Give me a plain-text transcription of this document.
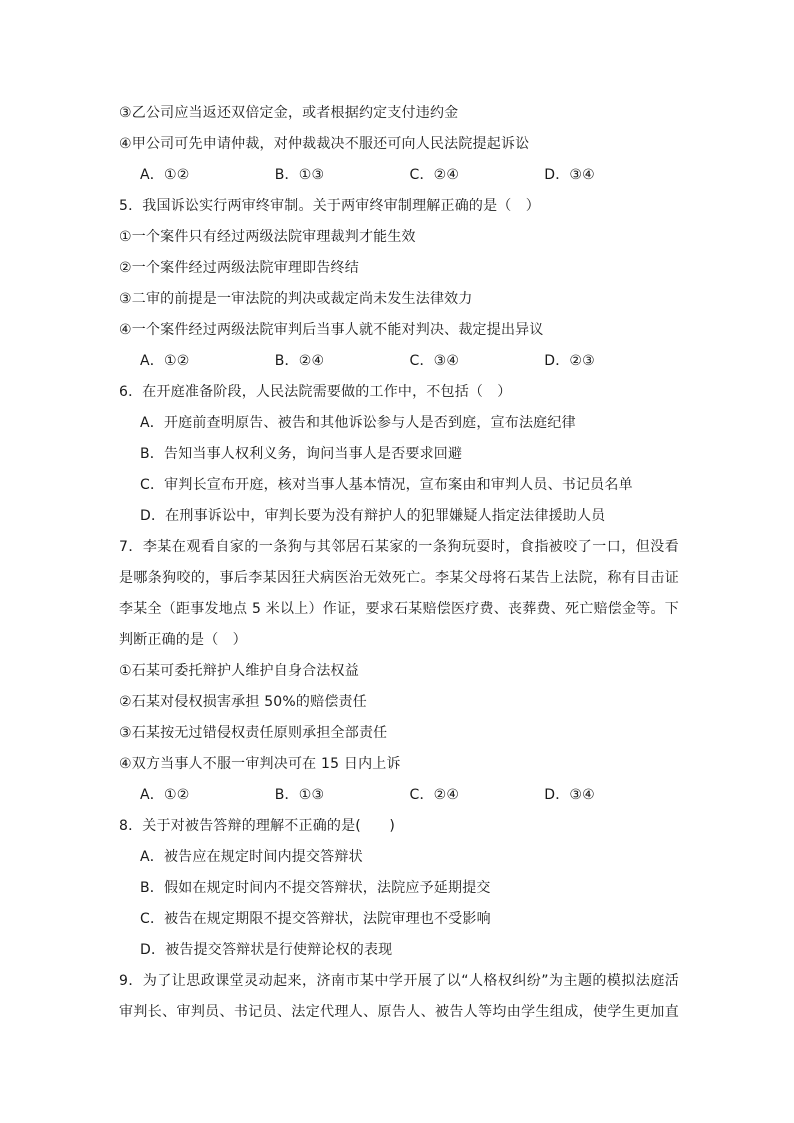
③乙公司应当返还双倍定金，或者根据约定支付违约金
④甲公司可先申请仲裁，对仲裁裁决不服还可向人民法院提起诉讼
A．①②	B．①③	C．②④	D．③④
5．我国诉讼实行两审终审制。关于两审终审制理解正确的是（　）
①一个案件只有经过两级法院审理裁判才能生效
②一个案件经过两级法院审理即告终结
③二审的前提是一审法院的判决或裁定尚未发生法律效力
④一个案件经过两级法院审判后当事人就不能对判决、裁定提出异议
A．①②	B．②④	C．③④	D．②③
6．在开庭准备阶段，人民法院需要做的工作中，不包括（　）
A．开庭前查明原告、被告和其他诉讼参与人是否到庭，宣布法庭纪律
B．告知当事人权利义务，询问当事人是否要求回避
C．审判长宣布开庭，核对当事人基本情况，宣布案由和审判人员、书记员名单
D．在刑事诉讼中，审判长要为没有辩护人的犯罪嫌疑人指定法律援助人员
7．李某在观看自家的一条狗与其邻居石某家的一条狗玩耍时，食指被咬了一口，但没看
是哪条狗咬的，事后李某因狂犬病医治无效死亡。李某父母将石某告上法院，称有目击证
李某全（距事发地点 5 米以上）作证，要求石某赔偿医疗费、丧葬费、死亡赔偿金等。下
判断正确的是（　）
①石某可委托辩护人维护自身合法权益
②石某对侵权损害承担 50%的赔偿责任
③石某按无过错侵权责任原则承担全部责任
④双方当事人不服一审判决可在 15 日内上诉
A．①②	B．①③	C．②④	D．③④
8．关于对被告答辩的理解不正确的是(　　)
A．被告应在规定时间内提交答辩状
B．假如在规定时间内不提交答辩状，法院应予延期提交
C．被告在规定期限不提交答辩状，法院审理也不受影响
D．被告提交答辩状是行使辩论权的表现
9．为了让思政课堂灵动起来，济南市某中学开展了以“人格权纠纷”为主题的模拟法庭活
审判长、审判员、书记员、法定代理人、原告人、被告人等均由学生组成，使学生更加直
